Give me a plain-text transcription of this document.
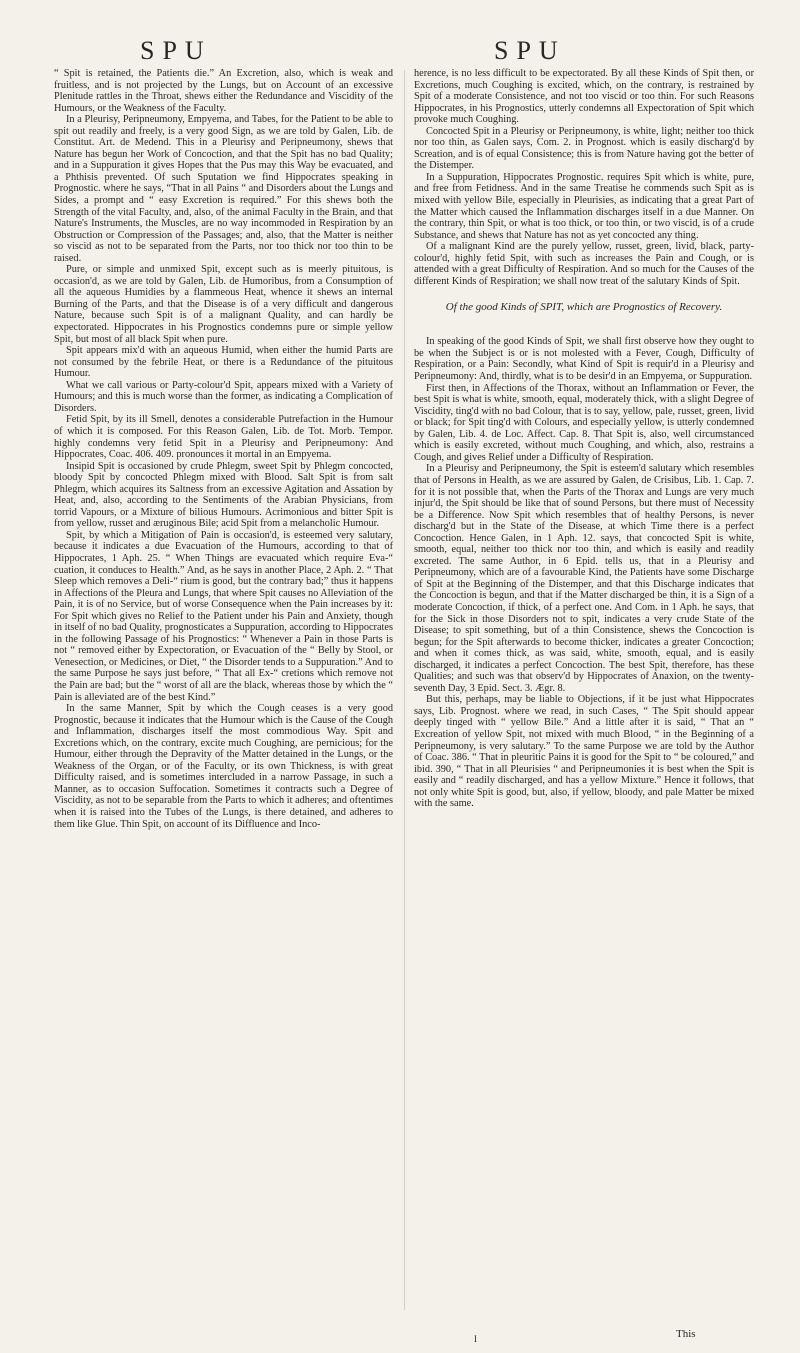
SPU	SPU

“ Spit is retained, the Patients die.” An Excretion, also, which is weak and fruitless, and is not projected by the Lungs, but on Account of an excessive Plenitude rattles in the Throat, shews either the Redundance and Viscidity of the Humours, or the Weakness of the Faculty.

In a Pleurisy, Peripneumony, Empyema, and Tabes, for the Patient to be able to spit out readily and freely, is a very good Sign, as we are told by Galen, Lib. de Constitut. Art. de Medend. This in a Pleurisy and Peripneumony, shews that Nature has begun her Work of Concoction, and that the Spit has no bad Quality; and in a Suppuration it gives Hopes that the Pus may this Way be evacuated, and a Phthisis prevented. Of such Sputation we find Hippocrates speaking in Prognostic. where he says, “That in all Pains “ and Disorders about the Lungs and Sides, a prompt and “ easy Excretion is required.” For this shews both the Strength of the vital Faculty, and, also, of the animal Faculty in the Brain, and that Nature's Instruments, the Muscles, are no way incommoded in Respiration by an Obstruction or Compression of the Passages; and, also, that the Matter is neither so viscid as not to be separated from the Parts, nor too thick nor too thin to be raised.

Pure, or simple and unmixed Spit, except such as is meerly pituitous, is occasion'd, as we are told by Galen, Lib. de Humoribus, from a Consumption of all the aqueous Humidies by a flammeous Heat, whence it shews an internal Burning of the Parts, and that the Disease is of a very difficult and dangerous Nature, because such Spit is of a malignant Quality, and can hardly be expectorated. Hippocrates in his Prognostics condemns pure or simple yellow Spit, but most of all black Spit when pure.

Spit appears mix'd with an aqueous Humid, when either the humid Parts are not consumed by the febrile Heat, or there is a Redundance of the pituitous Humour.

What we call various or Party-colour'd Spit, appears mixed with a Variety of Humours; and this is much worse than the former, as indicating a Complication of Disorders.

Fetid Spit, by its ill Smell, denotes a considerable Putrefaction in the Humour of which it is composed. For this Reason Galen, Lib. de Tot. Morb. Tempor. highly condemns very fetid Spit in a Pleurisy and Peripneumony: And Hippocrates, Coac. 406. 409. pronounces it mortal in an Empyema.

Insipid Spit is occasioned by crude Phlegm, sweet Spit by Phlegm concocted, bloody Spit by concocted Phlegm mixed with Blood. Salt Spit is from salt Phlegm, which acquires its Saltness from an excessive Agitation and Assation by Heat, and, also, according to the Sentiments of the Arabian Physicians, from torrid Vapours, or a Mixture of bilious Humours. Acrimonious and bitter Spit is from yellow, russet and æruginous Bile; acid Spit from a melancholic Humour.

Spit, by which a Mitigation of Pain is occasion'd, is esteemed very salutary, because it indicates a due Evacuation of the Humours, according to that of Hippocrates, 1 Aph. 25. “ When Things are evacuated which require Eva-“ cuation, it conduces to Health.” And, as he says in another Place, 2 Aph. 2. “ That Sleep which removes a Deli-“ rium is good, but the contrary bad;” thus it happens in Affections of the Pleura and Lungs, that where Spit causes no Alleviation of the Pain, it is of no Service, but of worse Consequence when the Pain increases by it: For Spit which gives no Relief to the Patient under his Pain and Anxiety, though in itself of no bad Quality, prognosticates a Suppuration, according to Hippocrates in the following Passage of his Prognostics: “ Whenever a Pain in those Parts is not “ removed either by Expectoration, or Evacuation of the “ Belly by Stool, or Venesection, or Medicines, or Diet, “ the Disorder tends to a Suppuration.” And to the same Purpose he says just before, “ That all Ex-“ cretions which remove not the Pain are bad; but the “ worst of all are the black, whereas those by which the “ Pain is alleviated are of the best Kind.”

In the same Manner, Spit by which the Cough ceases is a very good Prognostic, because it indicates that the Humour which is the Cause of the Cough and Inflammation, discharges itself the most commodious Way. Spit and Excretions which, on the contrary, excite much Coughing, are pernicious; for the Humour, either through the Depravity of the Matter detained in the Lungs, or the Weakness of the Organ, or of the Faculty, or its own Thickness, is with great Difficulty raised, and is sometimes intercluded in a narrow Passage, in such a Manner, as to occasion Suffocation. Sometimes it contracts such a Degree of Viscidity, as not to be separable from the Parts to which it adheres; and oftentimes when it is raised into the Tubes of the Lungs, is there detained, and adheres to them like Glue. Thin Spit, on account of its Diffluence and Inco-

herence, is no less difficult to be expectorated. By all these Kinds of Spit then, or Excretions, much Coughing is excited, which, on the contrary, is restrained by Spit of a moderate Consistence, and not too viscid or too thin. For such Reasons Hippocrates, in his Prognostics, utterly condemns all Expectoration of Spit which provoke much Coughing.

Concocted Spit in a Pleurisy or Peripneumony, is white, light; neither too thick nor too thin, as Galen says, Com. 2. in Prognost. which is easily discharg'd by Screation, and is of equal Consistence; this is from Nature having got the better of the Distemper.

In a Suppuration, Hippocrates Prognostic. requires Spit which is white, pure, and free from Fetidness. And in the same Treatise he commends such Spit as is mixed with yellow Bile, especially in Pleurisies, as indicating that a great Part of the Matter which caused the Inflammation discharges itself in a due Manner. On the contrary, thin Spit, or what is too thick, or too thin, or two viscid, is of a crude Substance, and shews that Nature has not as yet concocted any thing.

Of a malignant Kind are the purely yellow, russet, green, livid, black, party-colour'd, highly fetid Spit, with such as increases the Pain and Cough, or is attended with a great Difficulty of Respiration. And so much for the Causes of the different Kinds of Respiration; we shall now treat of the salutary Kinds of Spit.

Of the good Kinds of SPIT, which are Prognostics of Recovery.

In speaking of the good Kinds of Spit, we shall first observe how they ought to be when the Subject is or is not molested with a Fever, Cough, Difficulty of Respiration, or a Pain: Secondly, what Kind of Spit is requir'd in a Pleurisy and Peripneumony: And, thirdly, what is to be desir'd in an Empyema, or Suppuration.

First then, in Affections of the Thorax, without an Inflammation or Fever, the best Spit is what is white, smooth, equal, moderately thick, with a slight Degree of Viscidity, ting'd with no bad Colour, that is to say, yellow, pale, russet, green, livid or black; for Spit ting'd with Colours, and especially yellow, is utterly condemned by Galen, Lib. 4. de Loc. Affect. Cap. 8. That Spit is, also, well circumstanced which is easily excreted, without much Coughing, and which, also, restrains a Cough, and gives Relief under a Difficulty of Respiration.

In a Pleurisy and Peripneumony, the Spit is esteem'd salutary which resembles that of Persons in Health, as we are assured by Galen, de Crisibus, Lib. 1. Cap. 7. for it is not possible that, when the Parts of the Thorax and Lungs are very much injur'd, the Spit should be like that of sound Persons, but there must of Necessity be a Difference. Now Spit which resembles that of healthy Persons, is never discharg'd but in the State of the Disease, at which Time there is a perfect Concoction. Hence Galen, in 1 Aph. 12. says, that concocted Spit is white, smooth, equal, neither too thick nor too thin, and which is easily and readily excreted. The same Author, in 6 Epid. tells us, that in a Pleurisy and Peripneumony, which are of a favourable Kind, the Patients have some Discharge of Spit at the Beginning of the Distemper, and that this Discharge indicates that the Concoction is begun, and that if the Matter discharged be thin, it is a Sign of a moderate Concoction, if thick, of a perfect one. And Com. in 1 Aph. he says, that for the Sick in those Disorders not to spit, indicates a very crude State of the Disease; to spit something, but of a thin Consistence, shews the Concoction is begun; for the Spit afterwards to become thicker, indicates a greater Concoction; and when it comes thick, as was said, white, smooth, equal, and is easily discharged, it indicates a perfect Concoction. The best Spit, therefore, has these Qualities; and such was that observ'd by Hippocrates of Anaxion, on the twenty-seventh Day, 3 Epid. Sect. 3. Ægr. 8.

But this, perhaps, may be liable to Objections, if it be just what Hippocrates says, Lib. Prognost. where we read, in such Cases, “ The Spit should appear deeply tinged with “ yellow Bile.” And a little after it is said, “ That an “ Excreation of yellow Spit, not mixed with much Blood, “ in the Beginning of a Peripneumony, is very salutary.” To the same Purpose we are told by the Author of Coac. 386. “ That in pleuritic Pains it is good for the Spit to “ be coloured,” and ibid. 390, “ That in all Pleurisies “ and Peripneumonies it is best when the Spit is easily and “ readily discharged, and has a yellow Mixture.” Hence it follows, that not only white Spit is good, but, also, if yellow, bloody, and pale Matter be mixed with the same.

I	This
